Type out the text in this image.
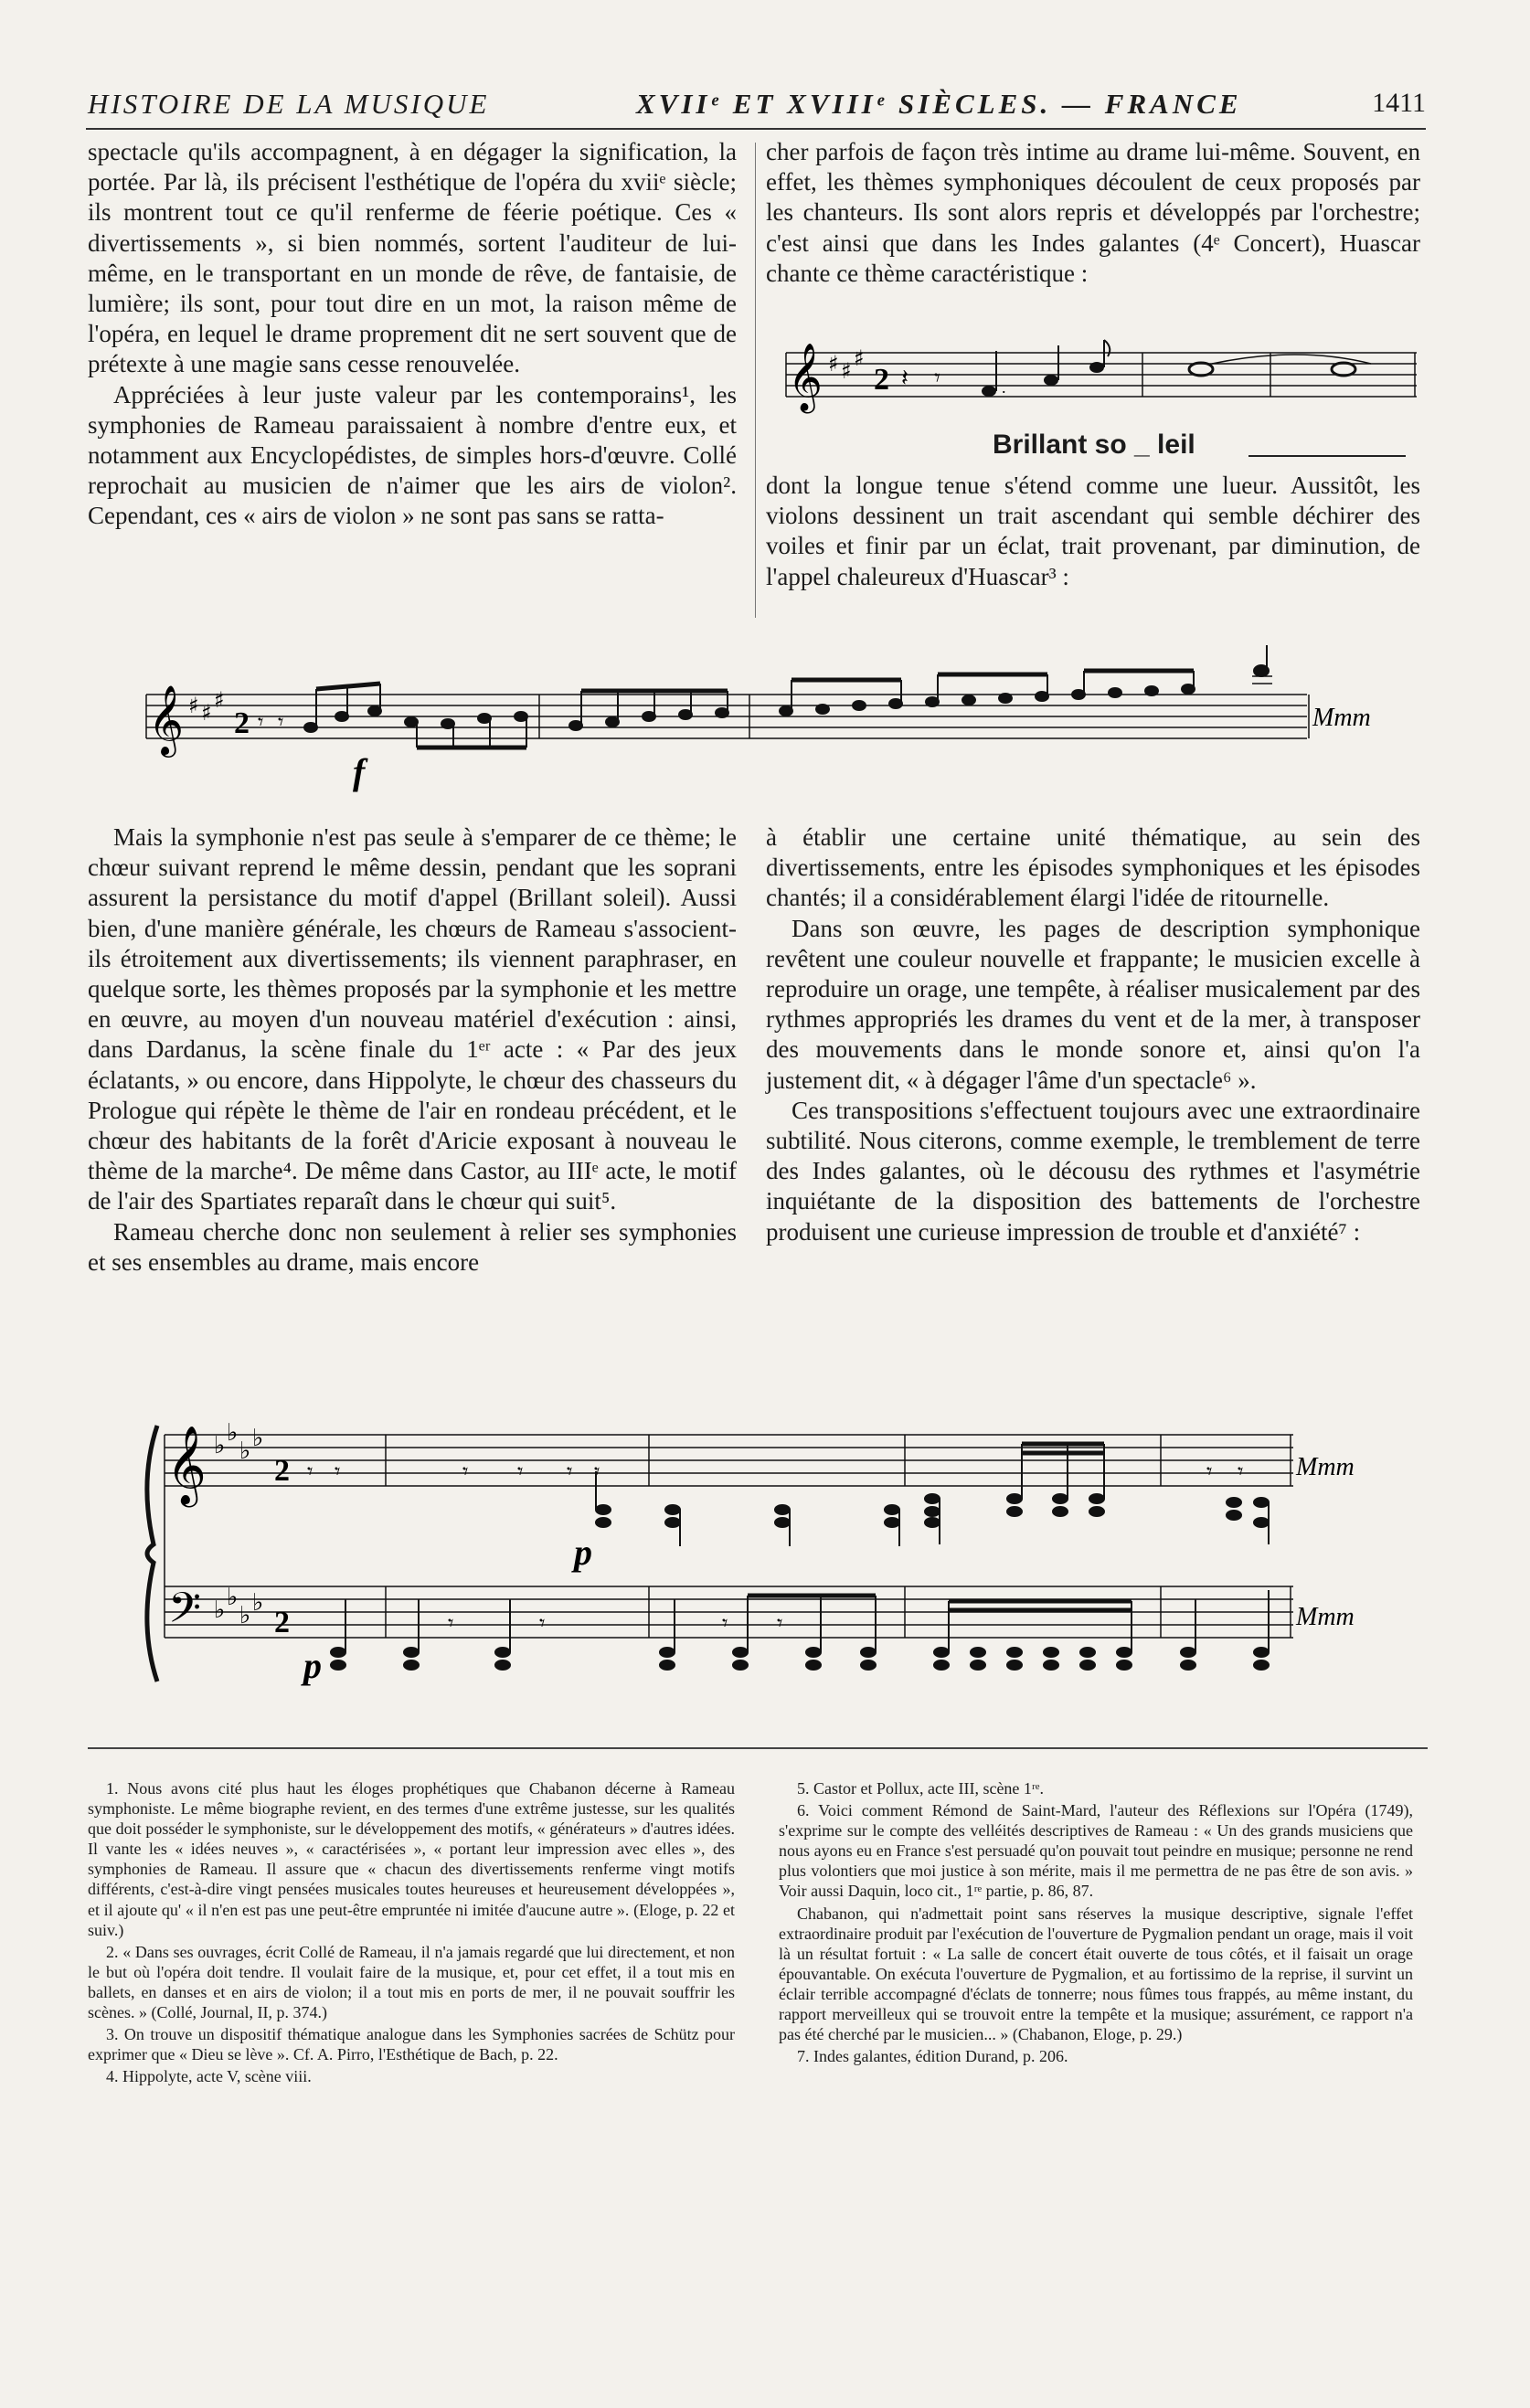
HISTOIRE DE LA MUSIQUE	XVIIᵉ ET XVIIIᵉ SIÈCLES. — FRANCE	1411

spectacle qu'ils accompagnent, à en dégager la signification, la portée. Par là, ils précisent l'esthétique de l'opéra du xviiᵉ siècle; ils montrent tout ce qu'il renferme de féerie poétique. Ces « divertissements », si bien nommés, sortent l'auditeur de lui-même, en le transportant en un monde de rêve, de fantaisie, de lumière; ils sont, pour tout dire en un mot, la raison même de l'opéra, en lequel le drame proprement dit ne sert souvent que de prétexte à une magie sans cesse renouvelée.

Appréciées à leur juste valeur par les contemporains¹, les symphonies de Rameau paraissaient à nombre d'entre eux, et notamment aux Encyclopédistes, de simples hors-d'œuvre. Collé reprochait au musicien de n'aimer que les airs de violon². Cependant, ces « airs de violon » ne sont pas sans se ratta-

cher parfois de façon très intime au drame lui-même. Souvent, en effet, les thèmes symphoniques découlent de ceux proposés par les chanteurs. Ils sont alors repris et développés par l'orchestre; c'est ainsi que dans les Indes galantes (4ᵉ Concert), Huascar chante ce thème caractéristique :

𝄞 ♯ ♯ ♯
2 𝄽 𝄾	.
Brillant so _ leil

dont la longue tenue s'étend comme une lueur. Aussitôt, les violons dessinent un trait ascendant qui semble déchirer des voiles et finir par un éclat, trait provenant, par diminution, de l'appel chaleureux d'Huascar³ :

𝄞 ♯ ♯ ♯
2 𝄾 𝄾	Mmm
f

Mais la symphonie n'est pas seule à s'emparer de ce thème; le chœur suivant reprend le même dessin, pendant que les soprani assurent la persistance du motif d'appel (Brillant soleil). Aussi bien, d'une manière générale, les chœurs de Rameau s'associent-ils étroitement aux divertissements; ils viennent paraphraser, en quelque sorte, les thèmes proposés par la symphonie et les mettre en œuvre, au moyen d'un nouveau matériel d'exécution : ainsi, dans Dardanus, la scène finale du 1ᵉʳ acte : « Par des jeux éclatants, » ou encore, dans Hippolyte, le chœur des chasseurs du Prologue qui répète le thème de l'air en rondeau précédent, et le chœur des habitants de la forêt d'Aricie exposant à nouveau le thème de la marche⁴. De même dans Castor, au IIIᵉ acte, le motif de l'air des Spartiates reparaît dans le chœur qui suit⁵.

Rameau cherche donc non seulement à relier ses symphonies et ses ensembles au drame, mais encore

à établir une certaine unité thématique, au sein des divertissements, entre les épisodes symphoniques et les épisodes chantés; il a considérablement élargi l'idée de ritournelle.

Dans son œuvre, les pages de description symphonique revêtent une couleur nouvelle et frappante; le musicien excelle à reproduire un orage, une tempête, à réaliser musicalement par des rythmes appropriés les drames du vent et de la mer, à transposer des mouvements dans le monde sonore et, ainsi qu'on l'a justement dit, « à dégager l'âme d'un spectacle⁶ ».

Ces transpositions s'effectuent toujours avec une extraordinaire subtilité. Nous citerons, comme exemple, le tremblement de terre des Indes galantes, où le décousu des rythmes et l'asymétrie inquiétante de la disposition des battements de l'orchestre produisent une curieuse impression de trouble et d'anxiété⁷ :

𝄞
𝄢
♭ ♭
♭ ♭
♭ ♭
♭ ♭
2
2
𝄾 𝄾	𝄾 𝄾 𝄾 𝄾	𝄾 𝄾
𝄾	𝄾	𝄾 𝄾
p
p
Mmm
Mmm

1. Nous avons cité plus haut les éloges prophétiques que Chabanon décerne à Rameau symphoniste. Le même biographe revient, en des termes d'une extrême justesse, sur les qualités que doit posséder le symphoniste, sur le développement des motifs, « générateurs » d'autres idées. Il vante les « idées neuves », « caractérisées », « portant leur impression avec elles », des symphonies de Rameau. Il assure que « chacun des divertissements renferme vingt motifs différents, c'est-à-dire vingt pensées musicales toutes heureuses et heureusement développées », et il ajoute qu' « il n'en est pas une peut-être empruntée ni imitée d'aucune autre ». (Eloge, p. 22 et suiv.)

2. « Dans ses ouvrages, écrit Collé de Rameau, il n'a jamais regardé que lui directement, et non le but où l'opéra doit tendre. Il voulait faire de la musique, et, pour cet effet, il a tout mis en ballets, en danses et en airs de violon; il a tout mis en ports de mer, il ne pouvait souffrir les scènes. » (Collé, Journal, II, p. 374.)

3. On trouve un dispositif thématique analogue dans les Symphonies sacrées de Schütz pour exprimer que « Dieu se lève ». Cf. A. Pirro, l'Esthétique de Bach, p. 22.

4. Hippolyte, acte V, scène viii.

5. Castor et Pollux, acte III, scène 1ʳᵉ.

6. Voici comment Rémond de Saint-Mard, l'auteur des Réflexions sur l'Opéra (1749), s'exprime sur le compte des velléités descriptives de Rameau : « Un des grands musiciens que nous ayons eu en France s'est persuadé qu'on pouvait tout peindre en musique; personne ne rend plus volontiers que moi justice à son mérite, mais il me permettra de ne pas être de son avis. » Voir aussi Daquin, loco cit., 1ʳᵉ partie, p. 86, 87.

Chabanon, qui n'admettait point sans réserves la musique descriptive, signale l'effet extraordinaire produit par l'exécution de l'ouverture de Pygmalion pendant un orage, mais il voit là un résultat fortuit : « La salle de concert était ouverte de tous côtés, et il faisait un orage épouvantable. On exécuta l'ouverture de Pygmalion, et au fortissimo de la reprise, il survint un éclair terrible accompagné d'éclats de tonnerre; nous fûmes tous frappés, au même instant, du rapport merveilleux qui se trouvoit entre la tempête et la musique; assurément, ce rapport n'a pas été cherché par le musicien... » (Chabanon, Eloge, p. 29.)

7. Indes galantes, édition Durand, p. 206.
